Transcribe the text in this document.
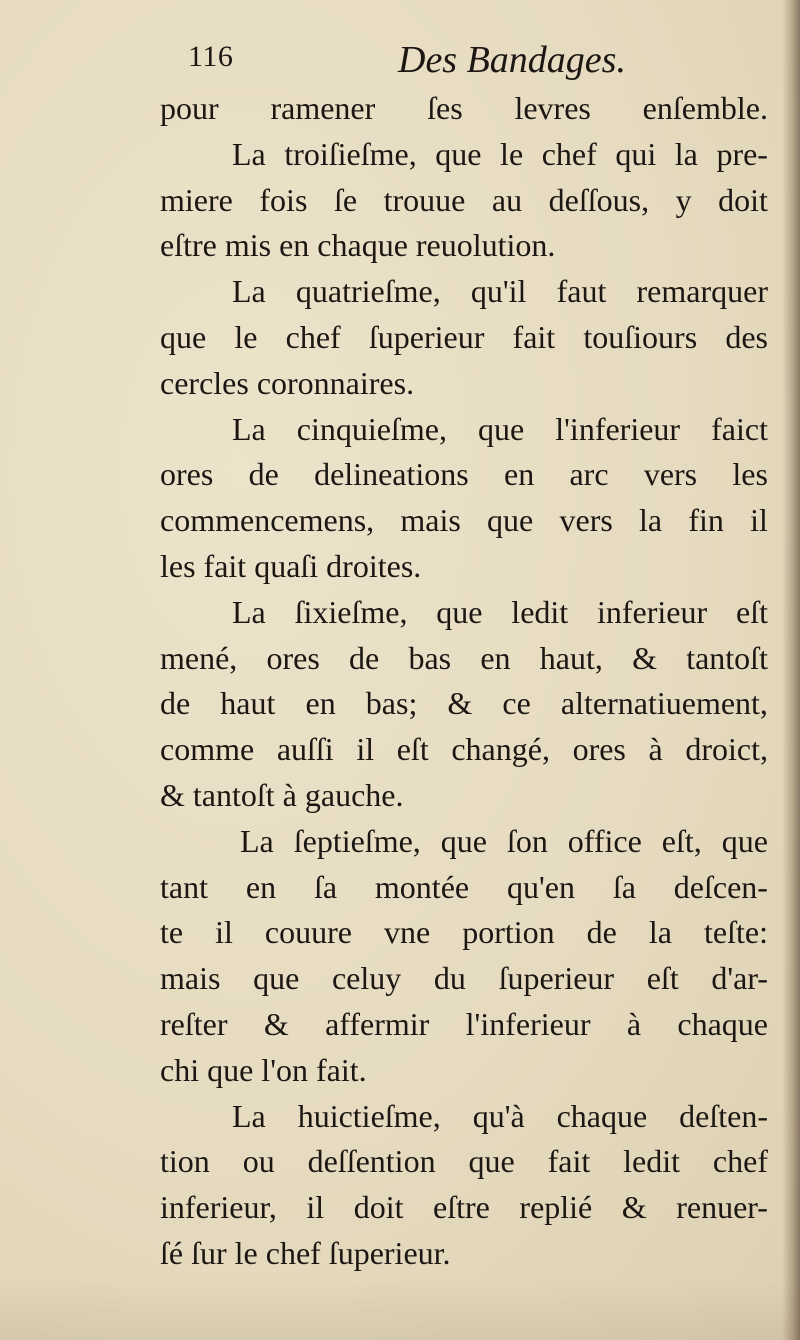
116	Des Bandages.
pour ramener ſes levres enſemble.
La troiſieſme, que le chef qui la pre-
miere fois ſe trouue au deſſous, y doit
eſtre mis en chaque reuolution.
La quatrieſme, qu'il faut remarquer
que le chef ſuperieur fait touſiours des
cercles coronnaires.
La cinquieſme, que l'inferieur faict
ores de delineations en arc vers les
commencemens, mais que vers la fin il
les fait quaſi droites.
La ſixieſme, que ledit inferieur eſt
mené, ores de bas en haut, & tantoſt
de haut en bas; & ce alternatiuement,
comme auſſi il eſt changé, ores à droict,
& tantoſt à gauche.
La ſeptieſme, que ſon office eſt, que
tant en ſa montée qu'en ſa deſcen-
te il couure vne portion de la teſte:
mais que celuy du ſuperieur eſt d'ar-
reſter & affermir l'inferieur à chaque
chi que l'on fait.
La huictieſme, qu'à chaque deſten-
tion ou deſſention que fait ledit chef
inferieur, il doit eſtre replié & renuer-
ſé ſur le chef ſuperieur.
